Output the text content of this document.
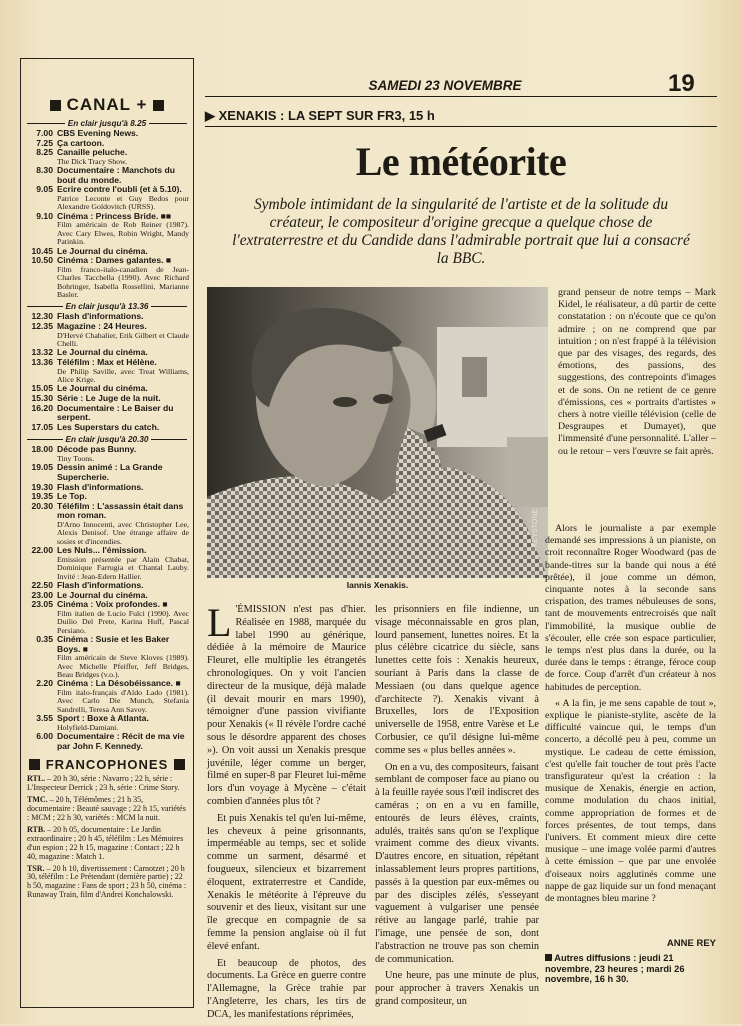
CANAL +
En clair jusqu'à 8.25
7.00 CBS Evening News.
7.25 Ça cartoon.
8.25 Canaille peluche.
The Dick Tracy Show.
8.30 Documentaire : Manchots du bout du monde.
9.05 Ecrire contre l'oubli (et à 5.10).
Patrice Leconte et Guy Bedos pour Alexandre Goldovitch (URSS).
9.10 Cinéma : Princess Bride. ■■
Film américain de Rob Reiner (1987). Avec Cary Elwes, Robin Wright, Mandy Patinkin.
10.45 Le Journal du cinéma.
10.50 Cinéma : Dames galantes. ■
Film franco-italo-canadien de Jean-Charles Tacchella (1990). Avec Richard Bohringer, Isabella Rossellini, Marianne Basler.
En clair jusqu'à 13.36
12.30 Flash d'informations.
12.35 Magazine : 24 Heures.
D'Hervé Chabalier, Erik Gilbert et Claude Chelli.
13.32 Le Journal du cinéma.
13.36 Téléfilm : Max et Hélène.
De Philip Saville, avec Treat Williams, Alice Krige.
15.05 Le Journal du cinéma.
15.30 Série : Le Juge de la nuit.
16.20 Documentaire : Le Baiser du serpent.
17.05 Les Superstars du catch.
En clair jusqu'à 20.30
18.00 Décode pas Bunny.
Tiny Toons.
19.05 Dessin animé : La Grande Supercherie.
19.30 Flash d'informations.
19.35 Le Top.
20.30 Téléfilm : L'assassin était dans mon roman.
D'Arno Innocenti, avec Christopher Lee, Alexis Denisof. Une étrange affaire de sosies et d'incendies.
22.00 Les Nuls... l'émission.
Emission présentée par Alain Chabat, Dominique Farrugia et Chantal Lauby. Invité : Jean-Edern Hallier.
22.50 Flash d'informations.
23.00 Le Journal du cinéma.
23.05 Cinéma : Voix profondes. ■
Film italien de Lucio Fulci (1990). Avec Duilio Del Prete, Karina Huff, Pascal Persiano.
0.35 Cinéma : Susie et les Baker Boys. ■
Film américain de Steve Kloves (1989). Avec Michelle Pfeiffer, Jeff Bridges, Beau Bridges (v.o.).
2.20 Cinéma : La Désobéissance. ■
Film italo-français d'Aldo Lado (1981). Avec Carlo Die Munch, Stefania Sandrelli, Teresa Ann Savoy.
3.55 Sport : Boxe à Atlanta.
Holyfield-Damiani.
6.00 Documentaire : Récit de ma vie par John F. Kennedy.
FRANCOPHONES
RTL. – 20 h 30, série : Navarro ; 22 h, série : L'Inspecteur Derrick ; 23 h, série : Crime Story.
TMC. – 20 h, Télémômes ; 21 h 35, documentaire : Beauté sauvage ; 22 h 15, variétés : MCM ; 22 h 30, variétés : MCM la nuit.
RTB. – 20 h 05, documentaire : Le Jardin extraordinaire ; 20 h 45, téléfilm : Les Mémoires d'un espion ; 22 h 15, magazine : Contact ; 22 h 40, magazine : Match 1.
TSR. – 20 h 10, divertissement : Carnotzet ; 20 h 30, téléfilm : Le Prétendant (dernière partie) ; 22 h 50, magazine : Fans de sport ; 23 h 50, cinéma : Runaway Train, film d'Andrei Konchalowski.
SAMEDI 23 NOVEMBRE	19
▶ XENAKIS : LA SEPT SUR FR3, 15 h
Le météorite
Symbole intimidant de la singularité de l'artiste et de la solitude du créateur, le compositeur d'origine grecque a quelque chose de l'extraterrestre et du Candide dans l'admirable portrait que lui a consacré la BBC.
KEYSTONE
Iannis Xenakis.

L 'ÉMISSION n'est pas d'hier. Réalisée en 1988, marquée du label 1990 au générique, dédiée à la mémoire de Maurice Fleuret, elle multiplie les étrangetés chronologiques. On y voit l'ancien directeur de la musique, déjà malade (il devait mourir en mars 1990), témoigner d'une passion vivifiante pour Xenakis (« Il révèle l'ordre caché sous le désordre apparent des choses »). On voit aussi un Xenakis presque juvénile, léger comme un berger, filmé en super-8 par Fleuret lui-même lors d'un voyage à Mycène – c'était combien d'années plus tôt ?

Et puis Xenakis tel qu'en lui-même, les cheveux à peine grisonnants, imperméable au temps, sec et solide comme un sarment, désarmé et fougueux, silencieux et bizarrement éloquent, extraterrestre et Candide, Xenakis le météorite à l'épreuve du souvenir et des lieux, visitant sur une île grecque en compagnie de sa femme la pension anglaise où il fut élevé enfant.

Et beaucoup de photos, des documents. La Grèce en guerre contre l'Allemagne, la Grèce trahie par l'Angleterre, les chars, les tirs de DCA, les manifestations réprimées,

les prisonniers en file indienne, un visage méconnaissable en gros plan, lourd pansement, lunettes noires. Et la plus célèbre cicatrice du siècle, sans lunettes cette fois : Xenakis heureux, souriant à Paris dans la classe de Messiaen (ou dans quelque agence d'architecte ?). Xenakis vivant à Bruxelles, lors de l'Exposition universelle de 1958, entre Varèse et Le Corbusier, ce qu'il désigne lui-même comme ses « plus belles années ».

On en a vu, des compositeurs, faisant semblant de composer face au piano ou à la feuille rayée sous l'œil indiscret des caméras ; on en a vu en famille, entourés de leurs élèves, craints, adulés, traités sans qu'on se l'explique vraiment comme des dieux vivants. D'autres encore, en situation, répétant inlassablement leurs propres partitions, passés à la question par eux-mêmes ou par des disciples zélés, s'esseyant vaguement à vulgariser une pensée rétive au langage parlé, trahie par l'image, une pensée de son, dont l'abstraction ne trouve pas son chemin de communication.

Une heure, pas une minute de plus, pour approcher à travers Xenakis un grand compositeur, un

grand penseur de notre temps – Mark Kidel, le réalisateur, a dû partir de cette constatation : on n'écoute que ce qu'on admire ; on ne comprend que par intuition ; on n'est frappé à la télévision que par des visages, des regards, des émotions, des passions, des suggestions, des contrepoints d'images et de sons. On ne retient de ce genre d'émissions, ces « portraits d'artistes » chers à notre vieille télévision (celle de Desgraupes et Dumayet), que l'immensité d'une personnalité. L'aller – ou le retour – vers l'œuvre se fait après.

Alors le journaliste a par exemple demandé ses impressions à un pianiste, on croit reconnaître Roger Woodward (pas de bande-titres sur la bande qui nous a été prêtée), il joue comme un démon, cinquante notes à la seconde sans crispation, des trames nébuleuses de sons, tant de mouvements entrecroisés que naît l'immobilité, la musique oublie de s'écouler, elle crée son espace particulier, le temps n'est plus dans la durée, ou la durée dans le temps : étrange, féroce coup de force. Coup d'arrêt d'un créateur à nos habitudes de perception.

« A la fin, je me sens capable de tout », explique le pianiste-stylite, ascète de la difficulté vaincue qui, le temps d'un concerto, a décollé peu à peu, comme un mystique. Le cadeau de cette émission, c'est qu'elle fait toucher de tout près l'acte transfigurateur qu'est la création : la musique de Xenakis, énergie en action, comme modulation du chaos initial, comme appropriation de formes et de forces présentes, de tout temps, dans l'univers. Et comment mieux dire cette musique – une image volée parmi d'autres à cette émission – que par une envolée d'oiseaux noirs agglutinés comme une nappe de gaz liquide sur un fond menaçant de montagnes bleu marine ?

ANNE REY
Autres diffusions : jeudi 21 novembre, 23 heures ; mardi 26 novembre, 16 h 30.
